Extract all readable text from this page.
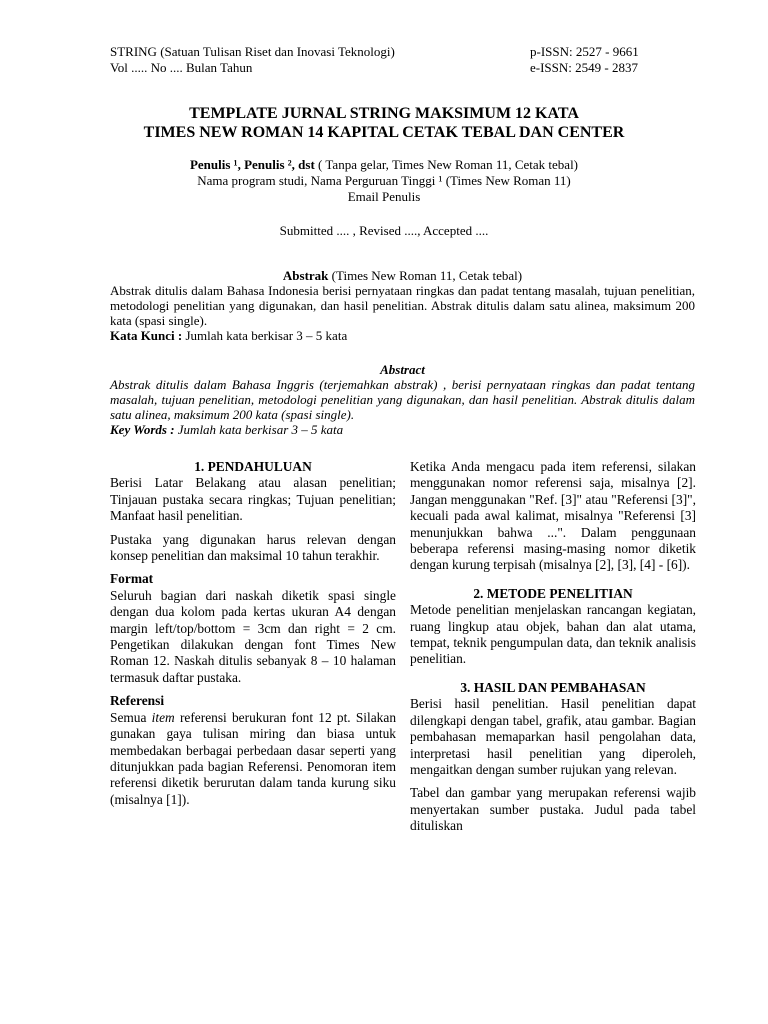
STRING (Satuan Tulisan Riset dan Inovasi Teknologi)
Vol ..... No .... Bulan Tahun
p-ISSN: 2527 - 9661
e-ISSN: 2549 - 2837
TEMPLATE JURNAL STRING MAKSIMUM 12 KATA
TIMES NEW ROMAN 14 KAPITAL CETAK TEBAL DAN CENTER
Penulis ¹, Penulis ², dst ( Tanpa gelar, Times New Roman 11, Cetak tebal)
Nama program studi, Nama Perguruan Tinggi ¹ (Times New Roman 11)
Email Penulis
Submitted .... , Revised ...., Accepted ....
Abstrak (Times New Roman 11, Cetak tebal)

Abstrak ditulis dalam Bahasa Indonesia berisi pernyataan ringkas dan padat tentang masalah, tujuan penelitian, metodologi penelitian yang digunakan, dan hasil penelitian. Abstrak ditulis dalam satu alinea, maksimum 200 kata (spasi single).

Kata Kunci : Jumlah kata berkisar 3 – 5 kata

Abstract

Abstrak ditulis dalam Bahasa Inggris (terjemahkan abstrak) , berisi pernyataan ringkas dan padat tentang masalah, tujuan penelitian, metodologi penelitian yang digunakan, dan hasil penelitian. Abstrak ditulis dalam satu alinea, maksimum 200 kata (spasi single).

Key Words : Jumlah kata berkisar 3 – 5 kata

1. PENDAHULUAN

Berisi Latar Belakang atau alasan penelitian; Tinjauan pustaka secara ringkas; Tujuan penelitian; Manfaat hasil penelitian.

Pustaka yang digunakan harus relevan dengan konsep penelitian dan maksimal 10 tahun terakhir.

Format

Seluruh bagian dari naskah diketik spasi single dengan dua kolom pada kertas ukuran A4 dengan margin left/top/bottom = 3cm dan right = 2 cm. Pengetikan dilakukan dengan font Times New Roman 12. Naskah ditulis sebanyak 8 – 10 halaman termasuk daftar pustaka.

Referensi

Semua item referensi berukuran font 12 pt. Silakan gunakan gaya tulisan miring dan biasa untuk membedakan berbagai perbedaan dasar seperti yang ditunjukkan pada bagian Referensi. Penomoran item referensi diketik berurutan dalam tanda kurung siku (misalnya [1]).

Ketika Anda mengacu pada item referensi, silakan menggunakan nomor referensi saja, misalnya [2]. Jangan menggunakan "Ref. [3]" atau "Referensi [3]", kecuali pada awal kalimat, misalnya "Referensi [3] menunjukkan bahwa ...". Dalam penggunaan beberapa referensi masing-masing nomor diketik dengan kurung terpisah (misalnya [2], [3], [4] - [6]).

2. METODE PENELITIAN

Metode penelitian menjelaskan rancangan kegiatan, ruang lingkup atau objek, bahan dan alat utama, tempat, teknik pengumpulan data, dan teknik analisis penelitian.

3. HASIL DAN PEMBAHASAN

Berisi hasil penelitian. Hasil penelitian dapat dilengkapi dengan tabel, grafik, atau gambar. Bagian pembahasan memaparkan hasil pengolahan data, interpretasi hasil penelitian yang diperoleh, mengaitkan dengan sumber rujukan yang relevan.

Tabel dan gambar yang merupakan referensi wajib menyertakan sumber pustaka. Judul pada tabel dituliskan
